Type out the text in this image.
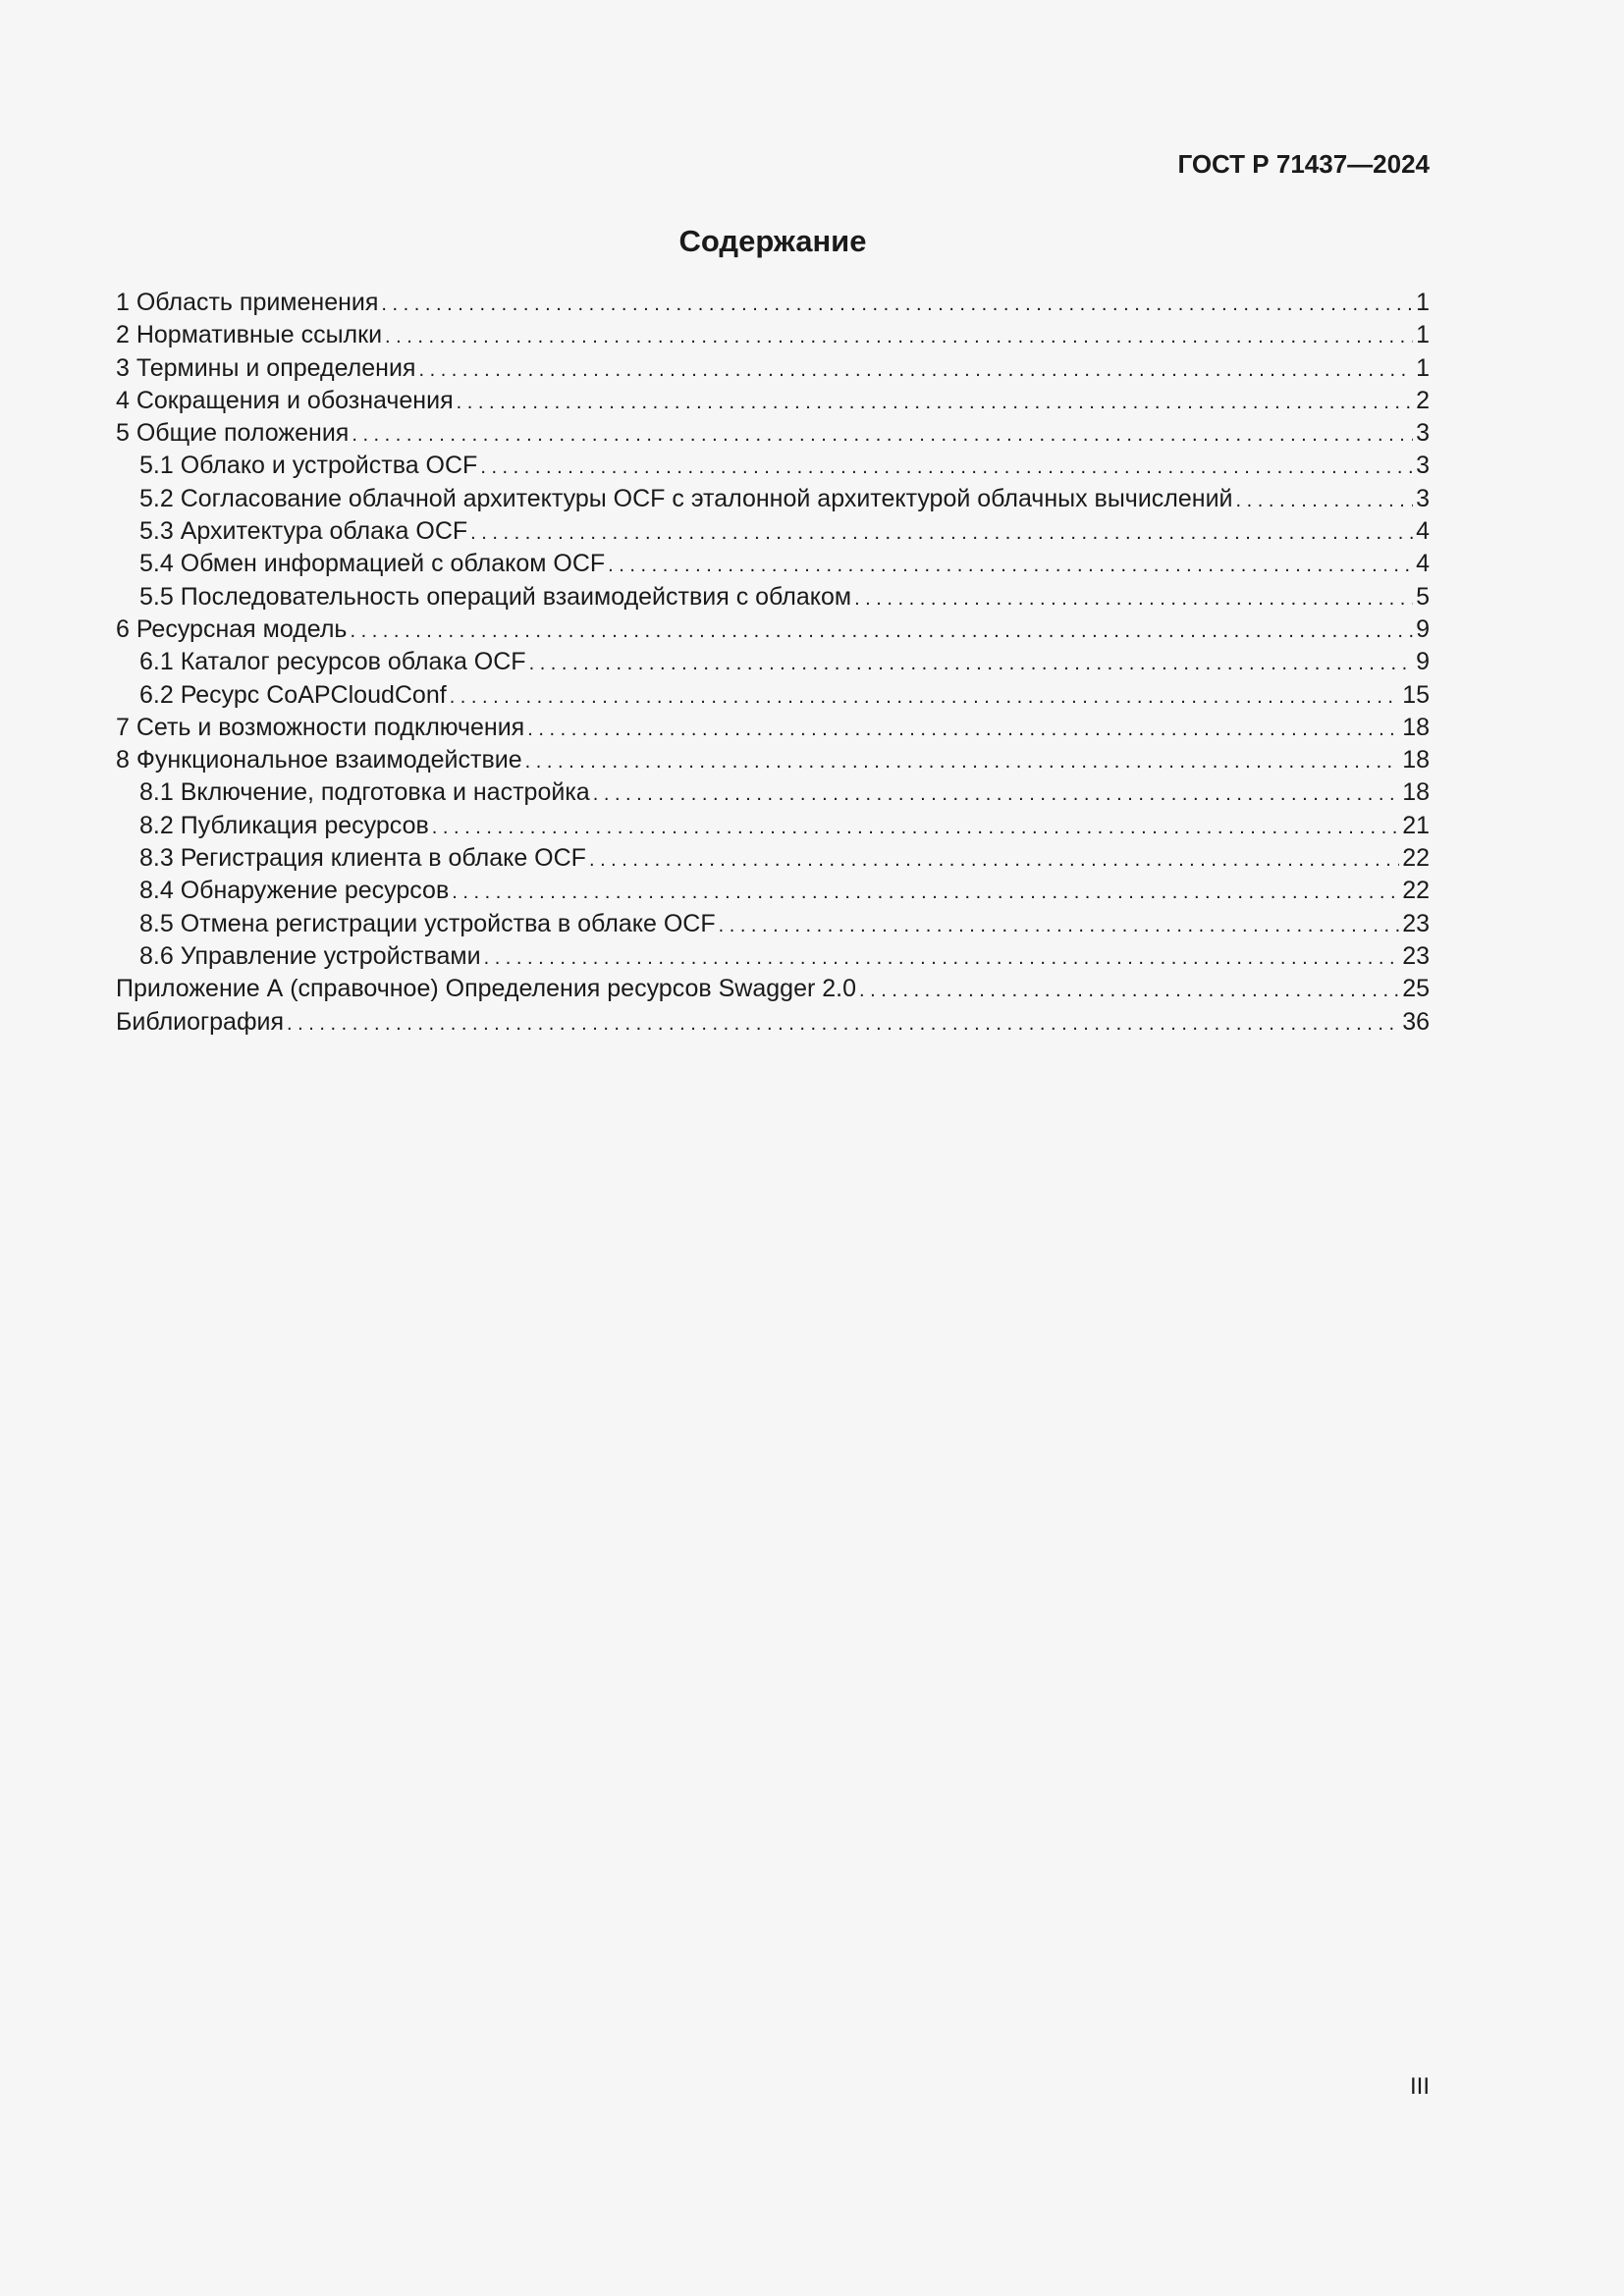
ГОСТ Р 71437—2024
Содержание
1 Область применения . . .	1
2 Нормативные ссылки . . .	1
3 Термины и определения . . .	1
4 Сокращения и обозначения . . .	2
5 Общие положения . . .	3
5.1 Облако и устройства OCF . . .	3
5.2 Согласование облачной архитектуры OCF с эталонной архитектурой облачных вычислений . . .	3
5.3 Архитектура облака OCF . . .	4
5.4 Обмен информацией с облаком OCF . . .	4
5.5 Последовательность операций взаимодействия с облаком . . .	5
6 Ресурсная модель . . .	9
6.1 Каталог ресурсов облака OCF . . .	9
6.2 Ресурс CoAPCloudConf . . .	15
7 Сеть и возможности подключения . . .	18
8 Функциональное взаимодействие . . .	18
8.1 Включение, подготовка и настройка . . .	18
8.2 Публикация ресурсов . . .	21
8.3 Регистрация клиента в облаке OCF . . .	22
8.4 Обнаружение ресурсов . . .	22
8.5 Отмена регистрации устройства в облаке OCF . . .	23
8.6 Управление устройствами . . .	23
Приложение А (справочное) Определения ресурсов Swagger 2.0 . . .	25
Библиография . . .	36
III
